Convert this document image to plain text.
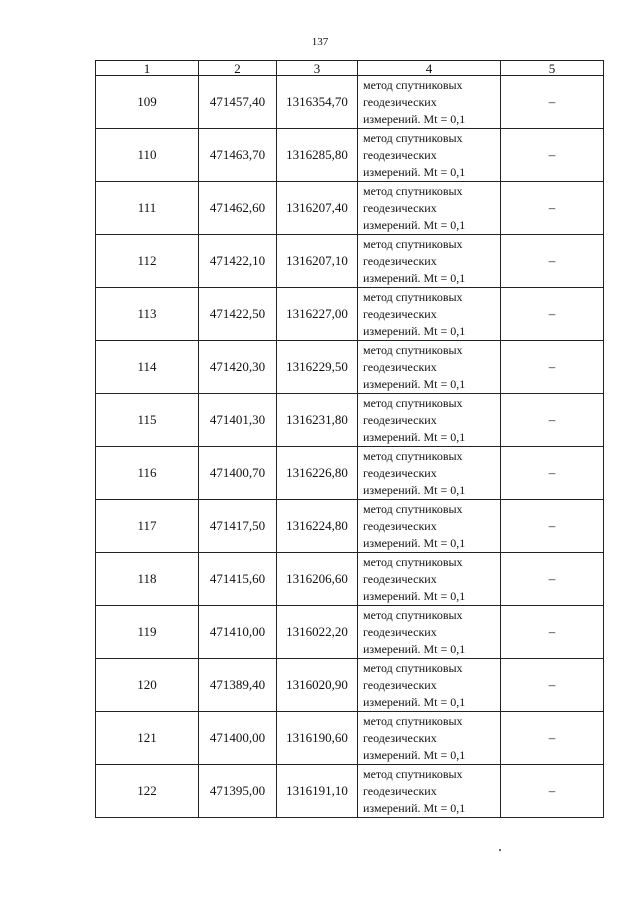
137
1	2	3	4	5
109	471457,40	1316354,70	метод спутниковых
геодезических
измерений. Mt = 0,1	–
110	471463,70	1316285,80	метод спутниковых
геодезических
измерений. Mt = 0,1	–
111	471462,60	1316207,40	метод спутниковых
геодезических
измерений. Mt = 0,1	–
112	471422,10	1316207,10	метод спутниковых
геодезических
измерений. Mt = 0,1	–
113	471422,50	1316227,00	метод спутниковых
геодезических
измерений. Mt = 0,1	–
114	471420,30	1316229,50	метод спутниковых
геодезических
измерений. Mt = 0,1	–
115	471401,30	1316231,80	метод спутниковых
геодезических
измерений. Mt = 0,1	–
116	471400,70	1316226,80	метод спутниковых
геодезических
измерений. Mt = 0,1	–
117	471417,50	1316224,80	метод спутниковых
геодезических
измерений. Mt = 0,1	–
118	471415,60	1316206,60	метод спутниковых
геодезических
измерений. Mt = 0,1	–
119	471410,00	1316022,20	метод спутниковых
геодезических
измерений. Mt = 0,1	–
120	471389,40	1316020,90	метод спутниковых
геодезических
измерений. Mt = 0,1	–
121	471400,00	1316190,60	метод спутниковых
геодезических
измерений. Mt = 0,1	–
122	471395,00	1316191,10	метод спутниковых
геодезических
измерений. Mt = 0,1	–
